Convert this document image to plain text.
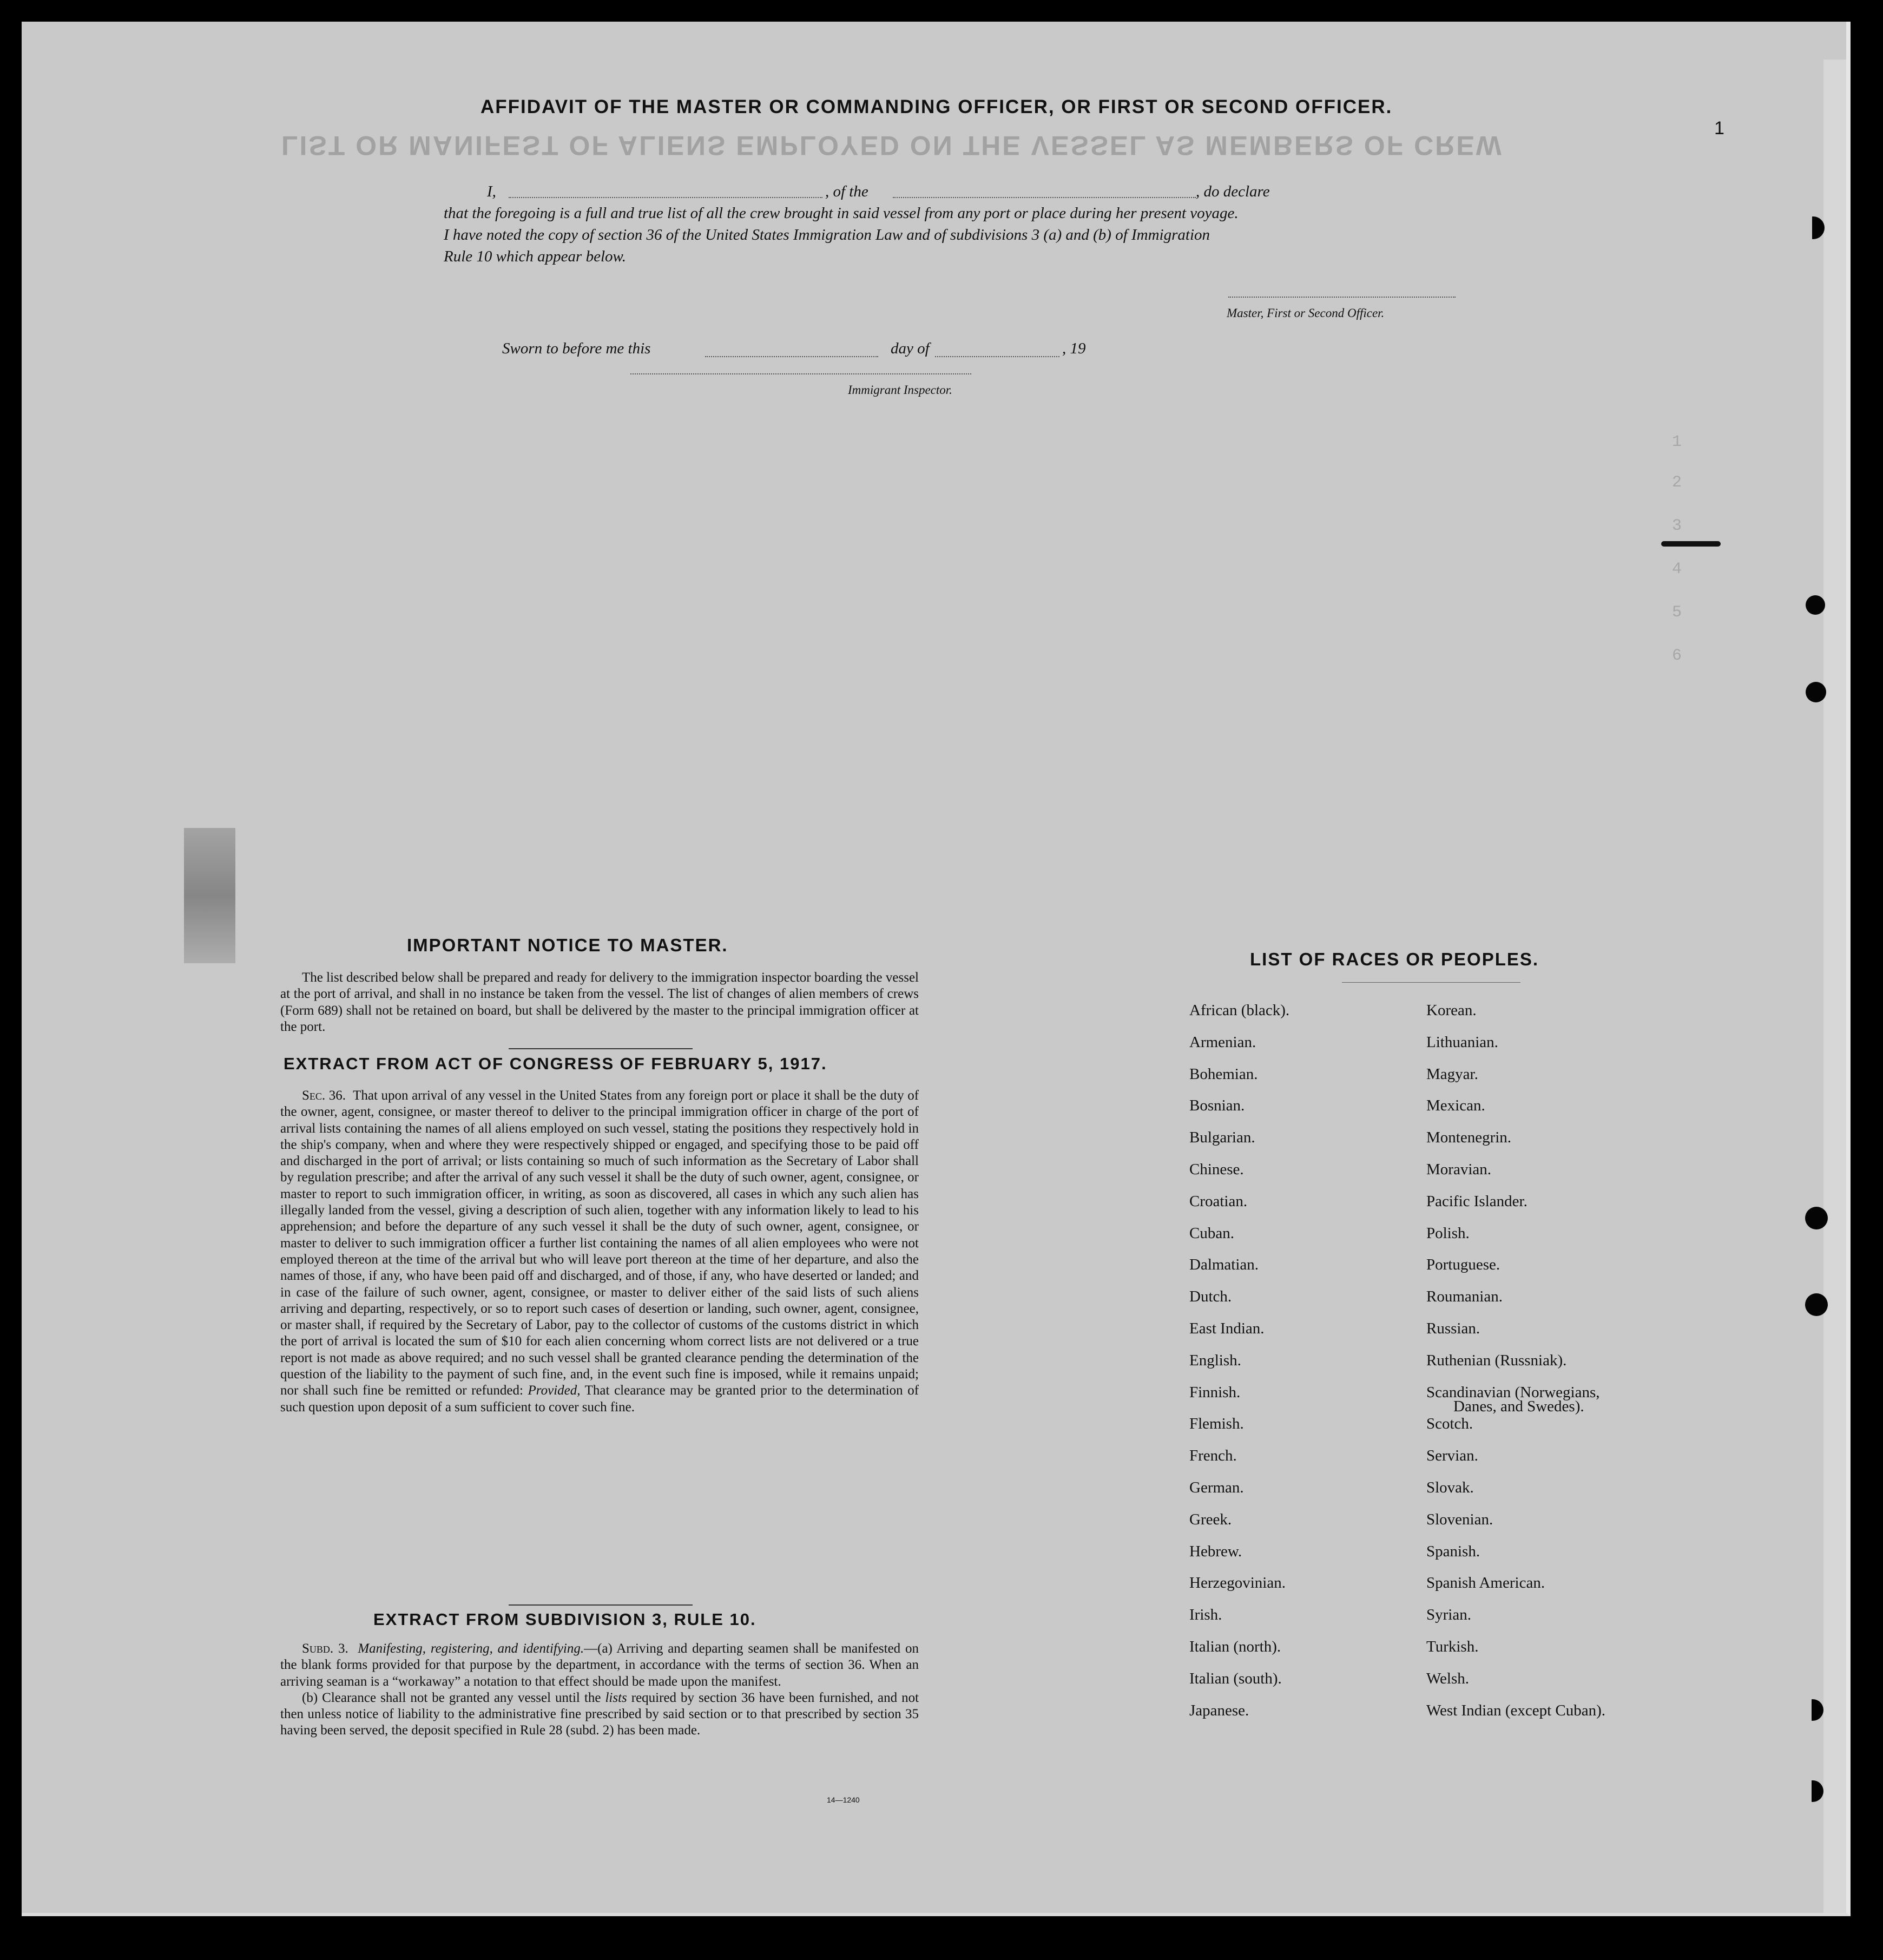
LIST OR MANIFEST OF ALIENS EMPLOYED ON THE VESSEL AS MEMBERS OF CREW
1
2
3
4
5
6
1
AFFIDAVIT OF THE MASTER OR COMMANDING OFFICER, OR FIRST OR SECOND OFFICER.
I,	, of the	, do declare
that the foregoing is a full and true list of all the crew brought in said vessel from any port or place during her present voyage.
I have noted the copy of section 36 of the United States Immigration Law and of subdivisions 3 (a) and (b) of Immigration
Rule 10 which appear below.
Master, First or Second Officer.
Sworn to before me this	day of	, 19
Immigrant Inspector.
IMPORTANT NOTICE TO MASTER.

The list described below shall be prepared and ready for delivery to the immigration inspector boarding the vessel at the port of arrival, and shall in no instance be taken from the vessel. The list of changes of alien members of crews (Form 689) shall not be retained on board, but shall be delivered by the master to the principal immigration officer at the port.

EXTRACT FROM ACT OF CONGRESS OF FEBRUARY 5, 1917.

Sec. 36. That upon arrival of any vessel in the United States from any foreign port or place it shall be the duty of the owner, agent, consignee, or master thereof to deliver to the principal immigration officer in charge of the port of arrival lists containing the names of all aliens employed on such vessel, stating the positions they respectively hold in the ship's company, when and where they were respectively shipped or engaged, and specifying those to be paid off and discharged in the port of arrival; or lists containing so much of such information as the Secretary of Labor shall by regulation prescribe; and after the arrival of any such vessel it shall be the duty of such owner, agent, consignee, or master to report to such immigration officer, in writing, as soon as discovered, all cases in which any such alien has illegally landed from the vessel, giving a description of such alien, together with any information likely to lead to his apprehension; and before the departure of any such vessel it shall be the duty of such owner, agent, consignee, or master to deliver to such immigration officer a further list containing the names of all alien employees who were not employed thereon at the time of the arrival but who will leave port thereon at the time of her departure, and also the names of those, if any, who have been paid off and discharged, and of those, if any, who have deserted or landed; and in case of the failure of such owner, agent, consignee, or master to deliver either of the said lists of such aliens arriving and departing, respectively, or so to report such cases of desertion or landing, such owner, agent, consignee, or master shall, if required by the Secretary of Labor, pay to the collector of customs of the customs district in which the port of arrival is located the sum of $10 for each alien concerning whom correct lists are not delivered or a true report is not made as above required; and no such vessel shall be granted clearance pending the determination of the question of the liability to the payment of such fine, and, in the event such fine is imposed, while it remains unpaid; nor shall such fine be remitted or refunded: Provided, That clearance may be granted prior to the determination of such question upon deposit of a sum sufficient to cover such fine.

EXTRACT FROM SUBDIVISION 3, RULE 10.

Subd. 3. Manifesting, registering, and identifying.—(a) Arriving and departing seamen shall be manifested on the blank forms provided for that purpose by the department, in accordance with the terms of section 36. When an arriving seaman is a “workaway” a notation to that effect should be made upon the manifest.

(b) Clearance shall not be granted any vessel until the lists required by section 36 have been furnished, and not then unless notice of liability to the administrative fine prescribed by said section or to that prescribed by section 35 having been served, the deposit specified in Rule 28 (subd. 2) has been made.

14—1240
LIST OF RACES OR PEOPLES.
African (black).
Armenian.
Bohemian.
Bosnian.
Bulgarian.
Chinese.
Croatian.
Cuban.
Dalmatian.
Dutch.
East Indian.
English.
Finnish.
Flemish.
French.
German.
Greek.
Hebrew.
Herzegovinian.
Irish.
Italian (north).
Italian (south).
Japanese.
Korean.
Lithuanian.
Magyar.
Mexican.
Montenegrin.
Moravian.
Pacific Islander.
Polish.
Portuguese.
Roumanian.
Russian.
Ruthenian (Russniak).
Scandinavian (Norwegians,
Danes, and Swedes).
Scotch.
Servian.
Slovak.
Slovenian.
Spanish.
Spanish American.
Syrian.
Turkish.
Welsh.
West Indian (except Cuban).
